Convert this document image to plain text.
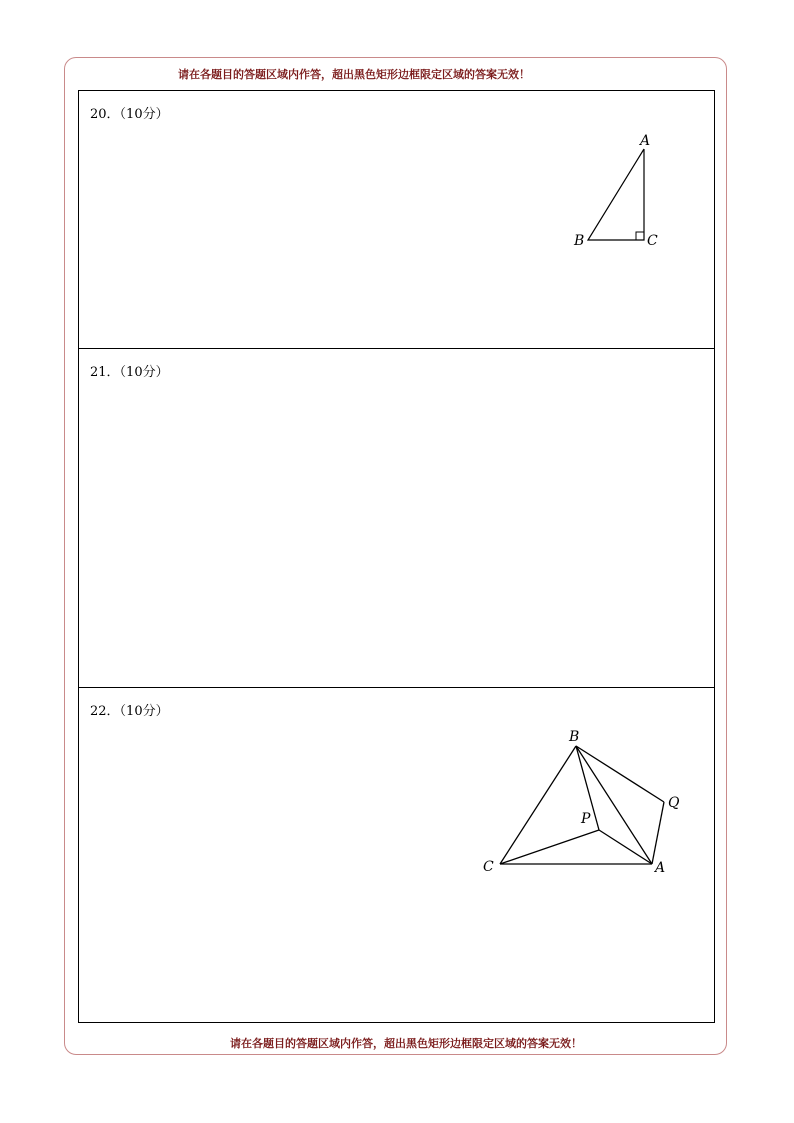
请在各题目的答题区域内作答，超出黑色矩形边框限定区域的答案无效！
20．（10分）
A
B	C
21．（10分）
22．（10分）
B
Q
P
C	A
请在各题目的答题区域内作答，超出黑色矩形边框限定区域的答案无效！
